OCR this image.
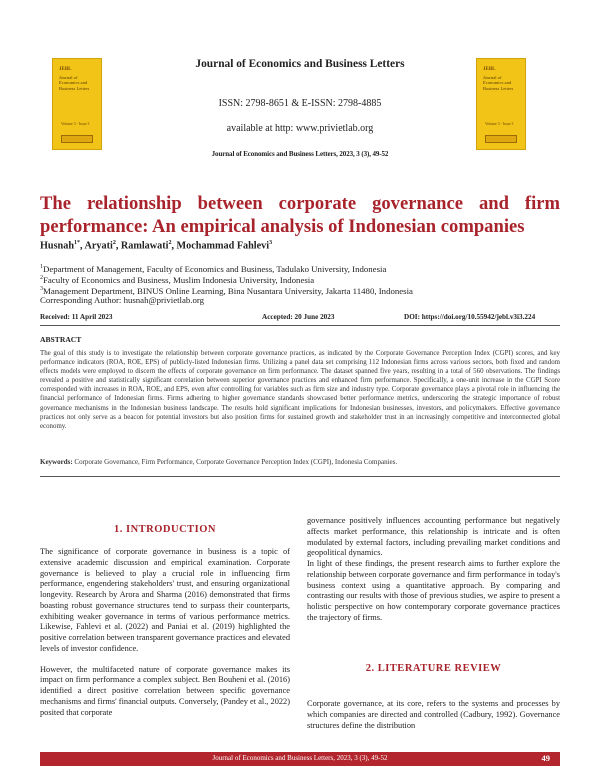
JEBL
Journal of Economics and Business Letters
Volume 3 · Issue 3
JEBL
Journal of Economics and Business Letters
Volume 3 · Issue 3
Journal of Economics and Business Letters
ISSN: 2798-8651 & E-ISSN: 2798-4885
available at http: www.privietlab.org
Journal of Economics and Business Letters, 2023, 3 (3), 49-52
The relationship between corporate governance and firm performance: An empirical analysis of Indonesian companies
Husnah$^{1*}$, Aryati$^2$, Ramlawati$^2$, Mochammad Fahlevi$^3$
$^1$Department of Management, Faculty of Economics and Business, Tadulako University, Indonesia
$^2$Faculty of Economics and Business, Muslim Indonesia University, Indonesia
$^3$Management Department, BINUS Online Learning, Bina Nusantara University, Jakarta 11480, Indonesia
Corresponding Author: husnah@privietlab.org
Received: 11 April 2023	Accepted: 20 June 2023	DOI: https://doi.org/10.55942/jebl.v3i3.224
ABSTRACT
The goal of this study is to investigate the relationship between corporate governance practices, as indicated by the Corporate Governance Perception Index (CGPI) scores, and key performance indicators (ROA, ROE, EPS) of publicly-listed Indonesian firms. Utilizing a panel data set comprising 112 Indonesian firms across various sectors, both fixed and random effects models were employed to discern the effects of corporate governance on firm performance. The dataset spanned five years, resulting in a total of 560 observations. The findings revealed a positive and statistically significant correlation between superior governance practices and enhanced firm performance. Specifically, a one-unit increase in the CGPI Score corresponded with increases in ROA, ROE, and EPS, even after controlling for variables such as firm size and industry type. Corporate governance plays a pivotal role in influencing the financial performance of Indonesian firms. Firms adhering to higher governance standards showcased better performance metrics, underscoring the strategic importance of robust governance mechanisms in the Indonesian business landscape. The results hold significant implications for Indonesian businesses, investors, and policymakers. Effective governance practices not only serve as a beacon for potential investors but also position firms for sustained growth and stakeholder trust in an increasingly competitive and interconnected global economy.
Keywords: Corporate Governance, Firm Performance, Corporate Governance Perception Index (CGPI), Indonesia Companies.
1. INTRODUCTION

The significance of corporate governance in business is a topic of extensive academic discussion and empirical examination. Corporate governance is believed to play a crucial role in influencing firm performance, engendering stakeholders' trust, and ensuring organizational longevity. Research by Arora and Sharma (2016) demonstrated that firms boasting robust governance structures tend to surpass their counterparts, exhibiting weaker governance in terms of various performance metrics. Likewise, Fahlevi et al. (2022) and Paniai et al. (2019) highlighted the positive correlation between transparent governance practices and elevated levels of investor confidence.

However, the multifaceted nature of corporate governance makes its impact on firm performance a complex subject. Ben Bouheni et al. (2016) identified a direct positive correlation between specific governance mechanisms and firms' financial outputs. Conversely, (Pandey et al., 2022) posited that corporate

governance positively influences accounting performance but negatively affects market performance, this relationship is intricate and is often modulated by external factors, including prevailing market conditions and geopolitical dynamics.

In light of these findings, the present research aims to further explore the relationship between corporate governance and firm performance in today's business context using a quantitative approach. By comparing and contrasting our results with those of previous studies, we aspire to present a holistic perspective on how contemporary corporate governance practices the trajectory of firms.

2. LITERATURE REVIEW
Corporate governance, at its core, refers to the systems and processes by which companies are directed and controlled (Cadbury, 1992). Governance structures define the distribution
Journal of Economics and Business Letters, 2023, 3 (3), 49-52	49
